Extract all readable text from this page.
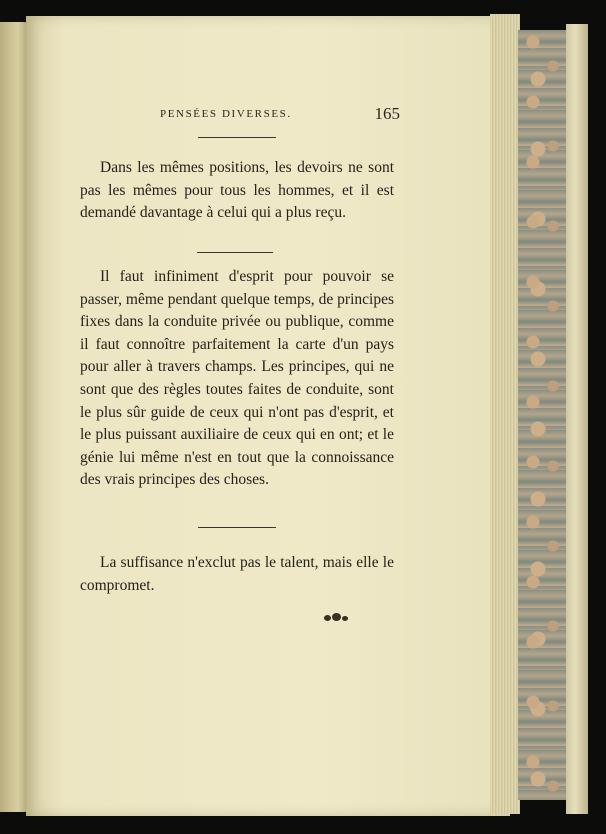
PENSÉES DIVERSES.	165

Dans les mêmes positions, les devoirs ne sont pas les mêmes pour tous les hommes, et il est demandé davantage à celui qui a plus reçu.

Il faut infiniment d'esprit pour pouvoir se passer, même pendant quelque temps, de principes fixes dans la conduite privée ou publique, comme il faut connoître parfaitement la carte d'un pays pour aller à travers champs. Les principes, qui ne sont que des règles toutes faites de conduite, sont le plus sûr guide de ceux qui n'ont pas d'esprit, et le plus puissant auxiliaire de ceux qui en ont; et le génie lui même n'est en tout que la connoissance des vrais principes des choses.

La suffisance n'exclut pas le talent, mais elle le compromet.
